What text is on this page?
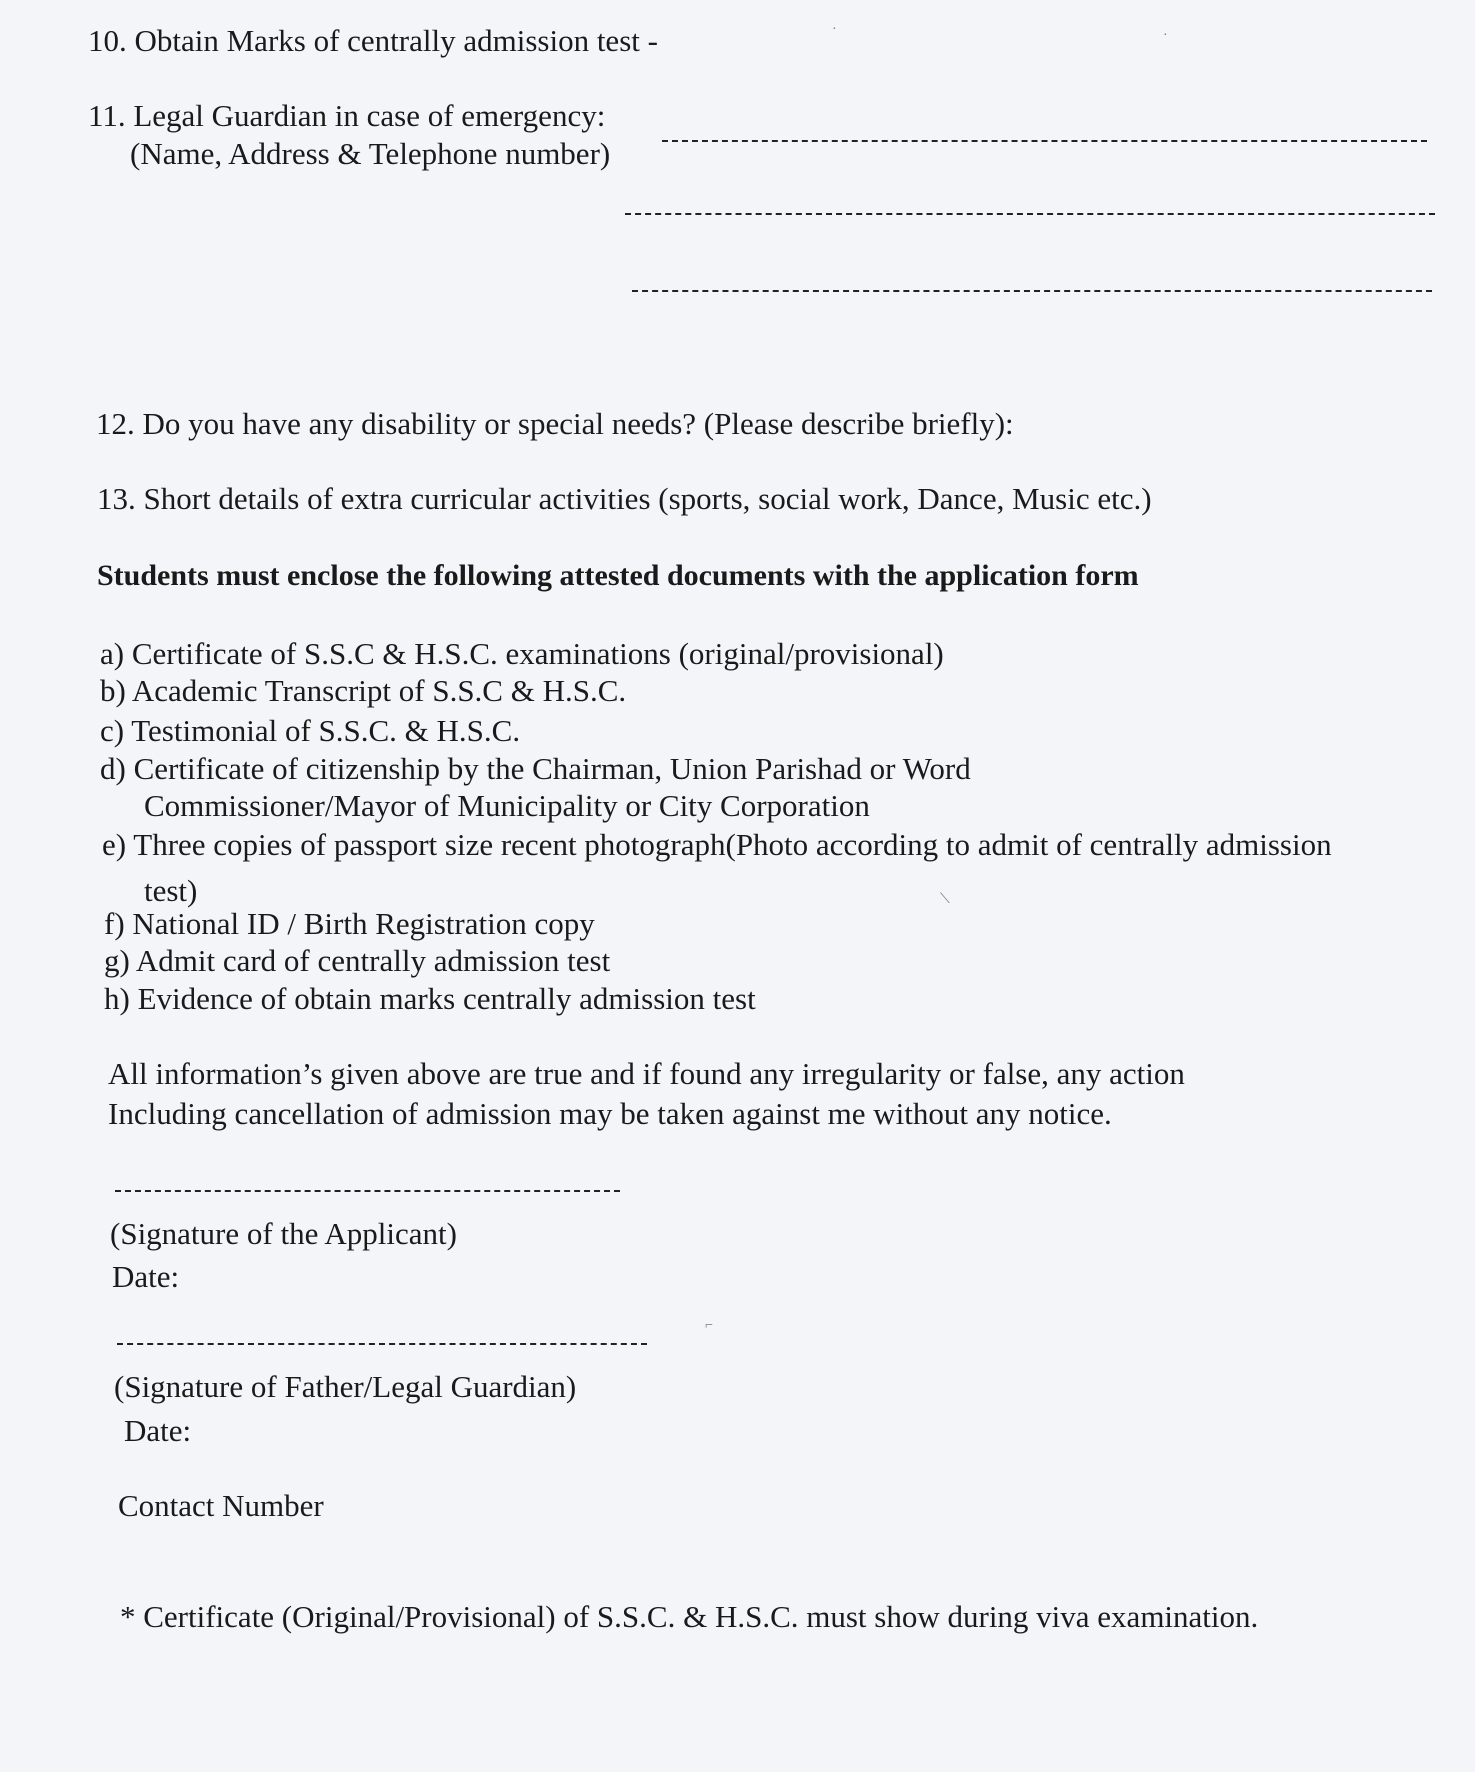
10. Obtain Marks of centrally admission test -
11. Legal Guardian in case of emergency:
(Name, Address & Telephone number)
12. Do you have any disability or special needs? (Please describe briefly):
13. Short details of extra curricular activities (sports, social work, Dance, Music etc.)
Students must enclose the following attested documents with the application form
a) Certificate of S.S.C & H.S.C. examinations (original/provisional)
b) Academic Transcript of S.S.C & H.S.C.
c) Testimonial of S.S.C. & H.S.C.
d) Certificate of citizenship by the Chairman, Union Parishad or Word
Commissioner/Mayor of Municipality or City Corporation
e) Three copies of passport size recent photograph(Photo according to admit of centrally admission
test)
f) National ID / Birth Registration copy
g) Admit card of centrally admission test
h) Evidence of obtain marks centrally admission test
All information’s given above are true and if found any irregularity or false, any action
Including cancellation of admission may be taken against me without any notice.
(Signature of the Applicant)
Date:
(Signature of Father/Legal Guardian)
Date:
Contact Number
* Certificate (Original/Provisional) of S.S.C. & H.S.C. must show during viva examination.
·	·
⟍
⌐
